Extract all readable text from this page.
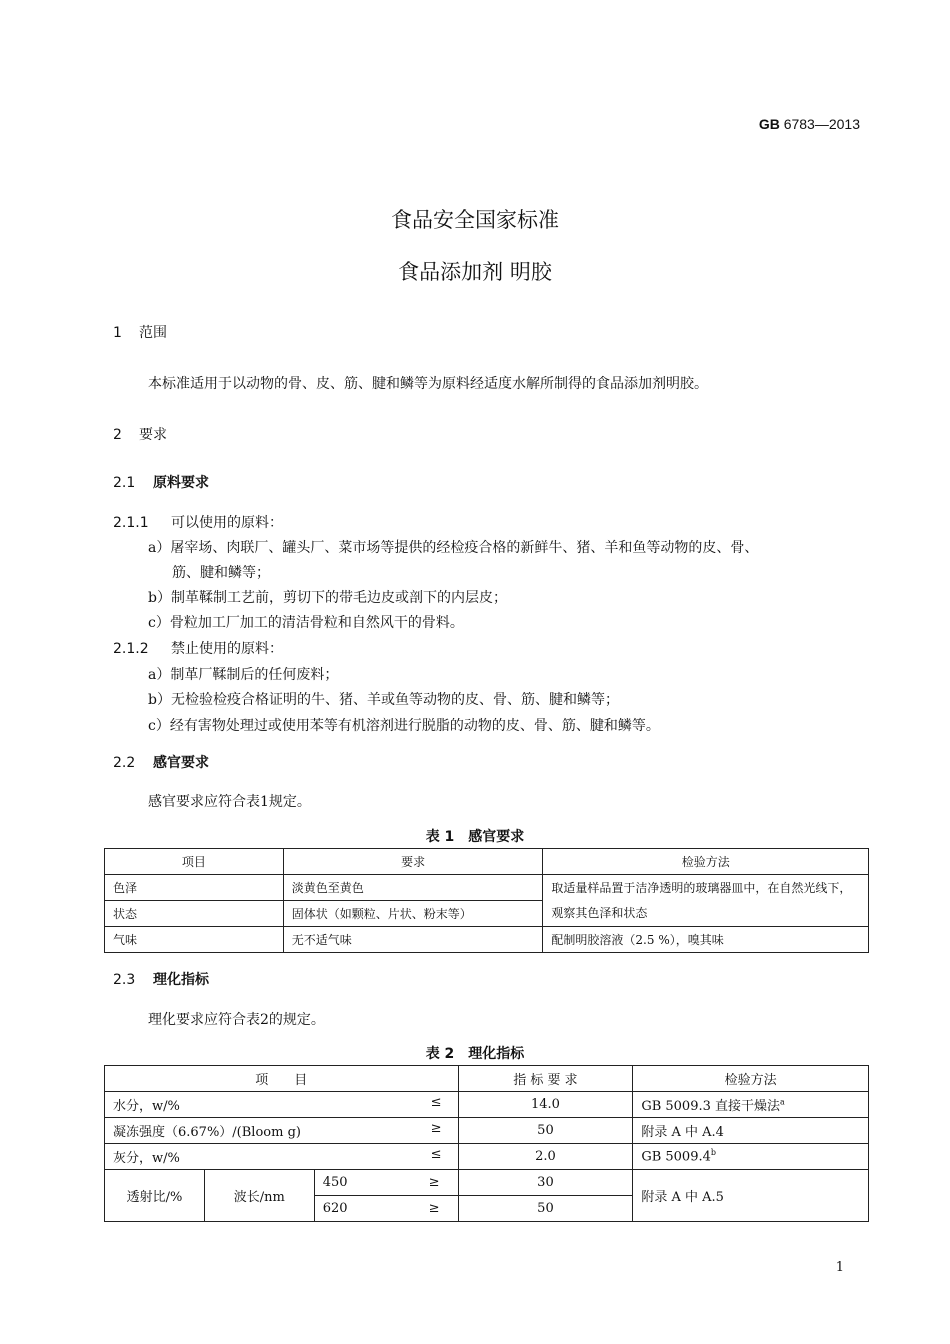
GB 6783—2013
食品安全国家标准
食品添加剂 明胶
1 范围
本标准适用于以动物的骨、皮、筋、腱和鳞等为原料经适度水解所制得的食品添加剂明胶。
2 要求
2.1 原料要求
2.1.1 可以使用的原料：
a）屠宰场、肉联厂、罐头厂、菜市场等提供的经检疫合格的新鲜牛、猪、羊和鱼等动物的皮、骨、
筋、腱和鳞等；
b）制革鞣制工艺前，剪切下的带毛边皮或剖下的内层皮；
c）骨粒加工厂加工的清洁骨粒和自然风干的骨料。
2.1.2 禁止使用的原料：
a）制革厂鞣制后的任何废料；
b）无检验检疫合格证明的牛、猪、羊或鱼等动物的皮、骨、筋、腱和鳞等；
c）经有害物处理过或使用苯等有机溶剂进行脱脂的动物的皮、骨、筋、腱和鳞等。
2.2 感官要求
感官要求应符合表1规定。
表 1　感官要求
项目	要求	检验方法
色泽	淡黄色至黄色	取适量样品置于洁净透明的玻璃器皿中，在自然光线下，观察其色泽和状态
状态	固体状（如颗粒、片状、粉末等）	
气味	无不适气味	配制明胶溶液（2.5 %），嗅其味
2.3 理化指标
理化要求应符合表2的规定。
表 2　理化指标
项　　目			指 标 要 求	检验方法

水分，w/% ≤			14.0	GB 5009.3 直接干燥法$^a$

凝冻强度（6.67%）/(Bloom g) ≥			50	附录 A 中 A.4

灰分，w/% ≤			2.0	GB 5009.4$^b$
透射比/%	波长/nm	450 ≥	30	附录 A 中 A.5

		620 ≥	50	
1
